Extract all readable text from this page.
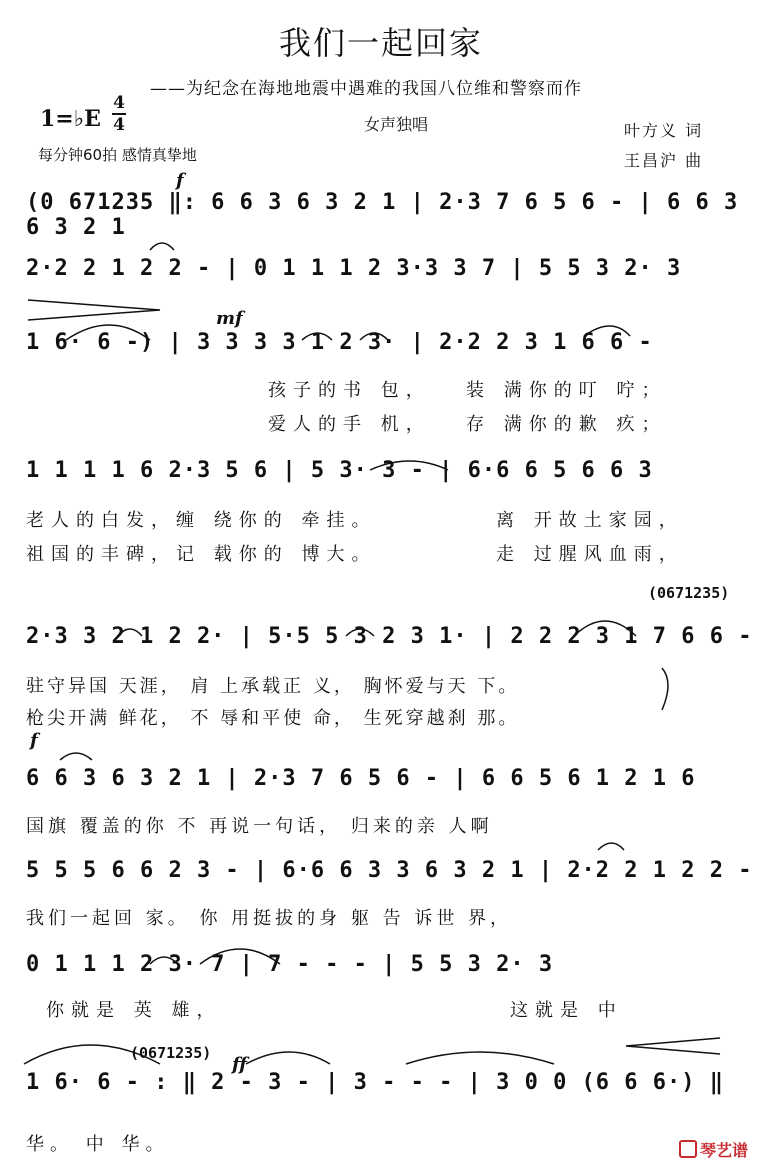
我们一起回家
——为纪念在海地地震中遇难的我国八位维和警察而作
女声独唱	叶方义 词
王昌沪 曲
1=♭E
4
4
每分钟60拍 感情真挚地
f
mf
f
ff
(0671235)
(0671235)
(0 671235 ‖: 6 6 3 6 3 2 1 | 2·3 7 6 5 6 - | 6 6 3 6 3 2 1
2·2 2 1 2 2 - | 0 1 1 1 2 3·3 3 7 | 5 5 3 2· 3
1 6· 6 -) | 3 3 3 3 1 2 3· | 2·2 2 3 1 6 6 -
孩子的书 包， 装 满你的叮 咛；
爱人的手 机， 存 满你的歉 疚；
1 1 1 1 6 2·3 5 6 | 5 3· 3 - | 6·6 6 5 6 6 3
老人的白发，缠 绕你的 牵挂。	离 开故土家园，
祖国的丰碑，记 载你的 博大。	走 过腥风血雨，
2·3 3 2 1 2 2· | 5·5 5 3 2 3 1· | 2 2 2 3 1 7 6 6 -
驻守异国 天涯， 肩 上承载正 义， 胸怀爱与天 下。
枪尖开满 鲜花， 不 辱和平使 命， 生死穿越刹 那。
6 6 3 6 3 2 1 | 2·3 7 6 5 6 - | 6 6 5 6 1 2 1 6
国旗 覆盖的你 不 再说一句话， 归来的亲 人啊
5 5 5 6 6 2 3 - | 6·6 6 3 3 6 3 2 1 | 2·2 2 1 2 2 -
我们一起回 家。 你 用挺拔的身 躯 告 诉世 界，
0 1 1 1 2 3· 7 | 7 - - - | 5 5 3 2· 3
你就是 英 雄，	这就是 中
1 6· 6 - : ‖ 2 - 3 - | 3 - - - | 3 0 0 (6 6 6·) ‖
华。 中 华。	琴艺谱
